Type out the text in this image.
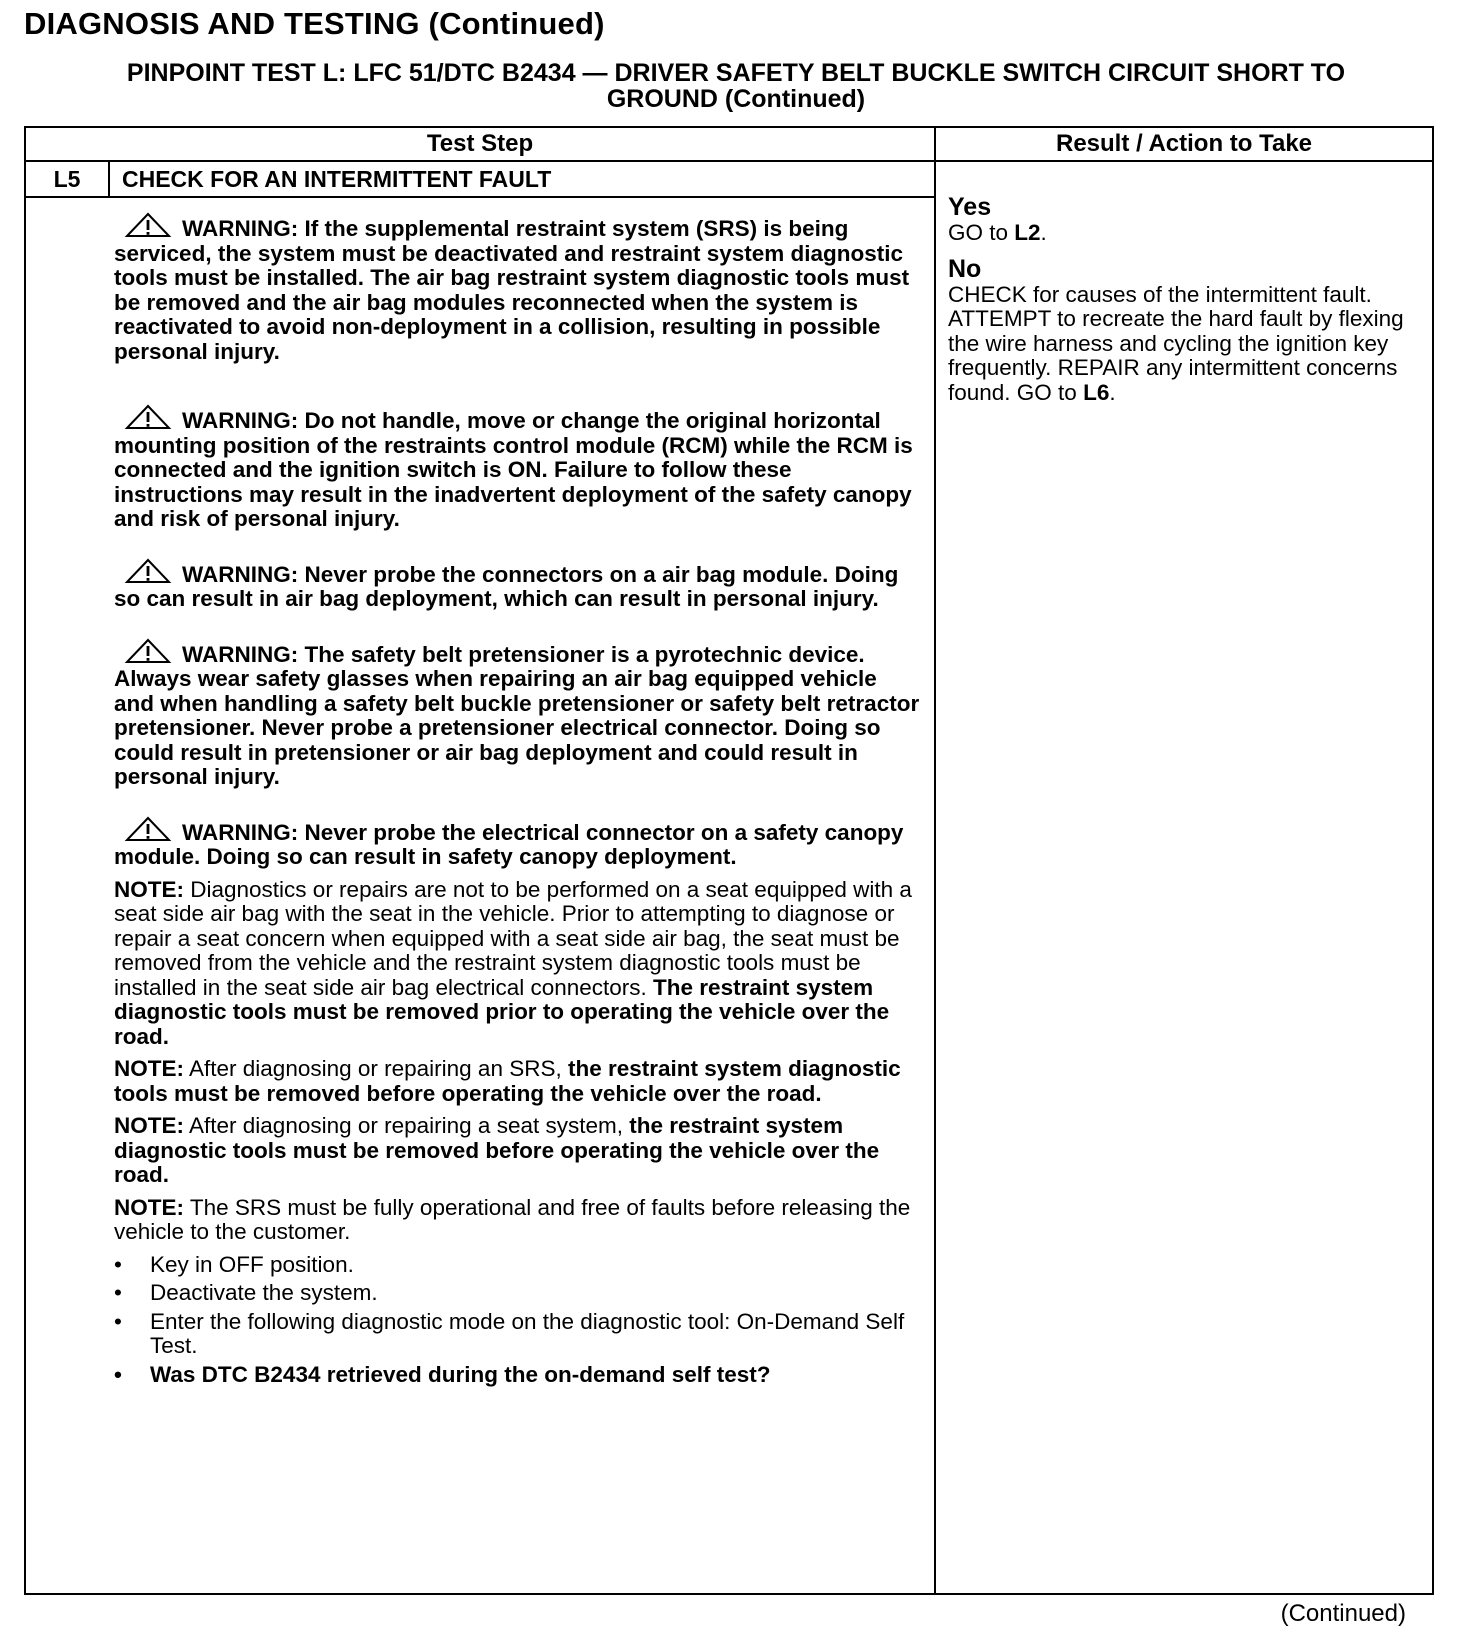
DIAGNOSIS AND TESTING (Continued)
PINPOINT TEST L: LFC 51/DTC B2434 — DRIVER SAFETY BELT BUCKLE SWITCH CIRCUIT SHORT TO
GROUND (Continued)
Test Step	Result / Action to Take
L5	CHECK FOR AN INTERMITTENT FAULT
WARNING: If the supplemental restraint system (SRS) is being serviced, the system must be deactivated and restraint system diagnostic tools must be installed. The air bag restraint system diagnostic tools must be removed and the air bag modules reconnected when the system is reactivated to avoid non-deployment in a collision, resulting in possible personal injury.
WARNING: Do not handle, move or change the original horizontal mounting position of the restraints control module (RCM) while the RCM is connected and the ignition switch is ON. Failure to follow these instructions may result in the inadvertent deployment of the safety canopy and risk of personal injury.
WARNING: Never probe the connectors on a air bag module. Doing so can result in air bag deployment, which can result in personal injury.
WARNING: The safety belt pretensioner is a pyrotechnic device. Always wear safety glasses when repairing an air bag equipped vehicle and when handling a safety belt buckle pretensioner or safety belt retractor pretensioner. Never probe a pretensioner electrical connector. Doing so could result in pretensioner or air bag deployment and could result in personal injury.
WARNING: Never probe the electrical connector on a safety canopy module. Doing so can result in safety canopy deployment.
NOTE: Diagnostics or repairs are not to be performed on a seat equipped with a seat side air bag with the seat in the vehicle. Prior to attempting to diagnose or repair a seat concern when equipped with a seat side air bag, the seat must be removed from the vehicle and the restraint system diagnostic tools must be installed in the seat side air bag electrical connectors. The restraint system diagnostic tools must be removed prior to operating the vehicle over the road.
NOTE: After diagnosing or repairing an SRS, the restraint system diagnostic tools must be removed before operating the vehicle over the road.
NOTE: After diagnosing or repairing a seat system, the restraint system diagnostic tools must be removed before operating the vehicle over the road.
NOTE: The SRS must be fully operational and free of faults before releasing the vehicle to the customer.
• Key in OFF position.
• Deactivate the system.
• Enter the following diagnostic mode on the diagnostic tool: On-Demand Self Test.
• Was DTC B2434 retrieved during the on-demand self test?
Yes
GO to L2.
No
CHECK for causes of the intermittent fault. ATTEMPT to recreate the hard fault by flexing the wire harness and cycling the ignition key frequently. REPAIR any intermittent concerns found. GO to L6.
(Continued)
